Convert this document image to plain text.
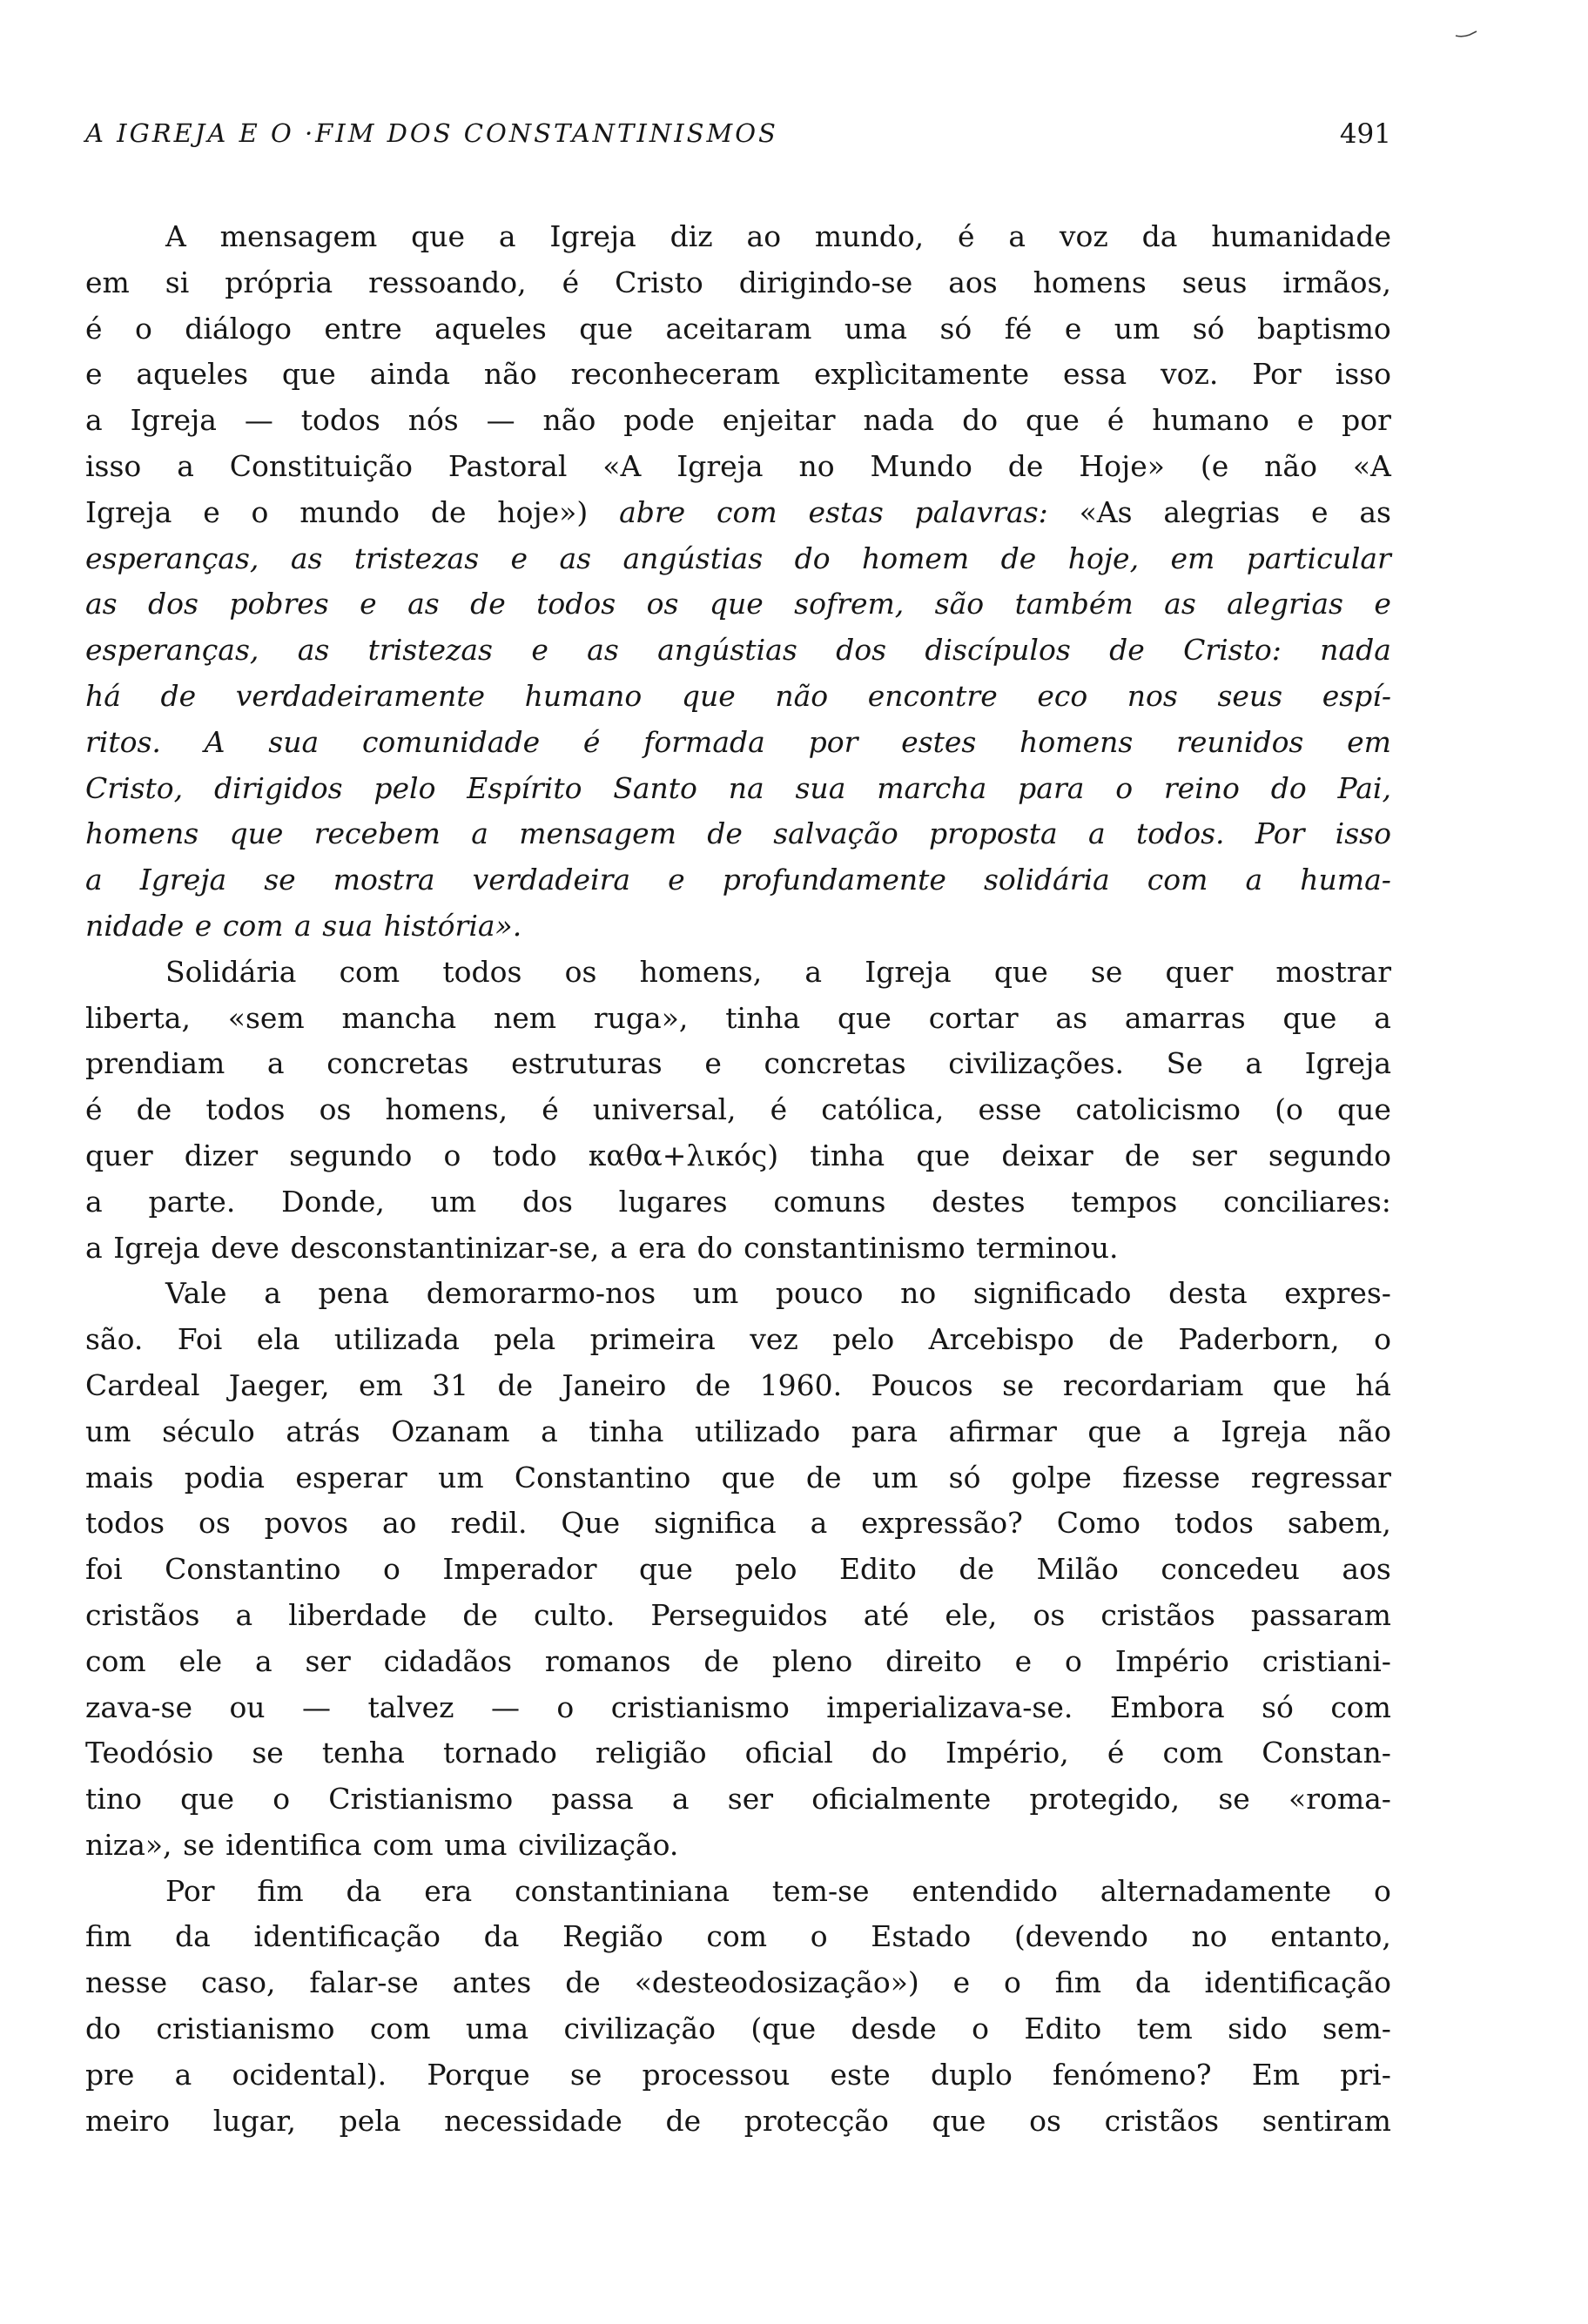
A IGREJA E O ·FIM DOS CONSTANTINISMOS	491
A mensagem que a Igreja diz ao mundo, é a voz da humanidade
em si própria ressoando, é Cristo dirigindo-se aos homens seus irmãos,
é o diálogo entre aqueles que aceitaram uma só fé e um só baptismo
e aqueles que ainda não reconheceram explìcitamente essa voz. Por isso
a Igreja — todos nós — não pode enjeitar nada do que é humano e por
isso a Constituição Pastoral «A Igreja no Mundo de Hoje» (e não «A
Igreja e o mundo de hoje») abre com estas palavras: «As alegrias e as
esperanças, as tristezas e as angústias do homem de hoje, em particular
as dos pobres e as de todos os que sofrem, são também as alegrias e
esperanças, as tristezas e as angústias dos discípulos de Cristo: nada
há de verdadeiramente humano que não encontre eco nos seus espí-
ritos. A sua comunidade é formada por estes homens reunidos em
Cristo, dirigidos pelo Espírito Santo na sua marcha para o reino do Pai,
homens que recebem a mensagem de salvação proposta a todos. Por isso
a Igreja se mostra verdadeira e profundamente solidária com a huma-
nidade e com a sua história».
Solidária com todos os homens, a Igreja que se quer mostrar
liberta, «sem mancha nem ruga», tinha que cortar as amarras que a
prendiam a concretas estruturas e concretas civilizações. Se a Igreja
é de todos os homens, é universal, é católica, esse catolicismo (o que
quer dizer segundo o todo καθα+λικός) tinha que deixar de ser segundo
a parte. Donde, um dos lugares comuns destes tempos conciliares:
a Igreja deve desconstantinizar-se, a era do constantinismo terminou.
Vale a pena demorarmo-nos um pouco no significado desta expres-
são. Foi ela utilizada pela primeira vez pelo Arcebispo de Paderborn, o
Cardeal Jaeger, em 31 de Janeiro de 1960. Poucos se recordariam que há
um século atrás Ozanam a tinha utilizado para afirmar que a Igreja não
mais podia esperar um Constantino que de um só golpe fizesse regressar
todos os povos ao redil. Que significa a expressão? Como todos sabem,
foi Constantino o Imperador que pelo Edito de Milão concedeu aos
cristãos a liberdade de culto. Perseguidos até ele, os cristãos passaram
com ele a ser cidadãos romanos de pleno direito e o Império cristiani-
zava-se ou — talvez — o cristianismo imperializava-se. Embora só com
Teodósio se tenha tornado religião oficial do Império, é com Constan-
tino que o Cristianismo passa a ser oficialmente protegido, se «roma-
niza», se identifica com uma civilização.
Por fim da era constantiniana tem-se entendido alternadamente o
fim da identificação da Região com o Estado (devendo no entanto,
nesse caso, falar-se antes de «desteodosização») e o fim da identificação
do cristianismo com uma civilização (que desde o Edito tem sido sem-
pre a ocidental). Porque se processou este duplo fenómeno? Em pri-
meiro lugar, pela necessidade de protecção que os cristãos sentiram
